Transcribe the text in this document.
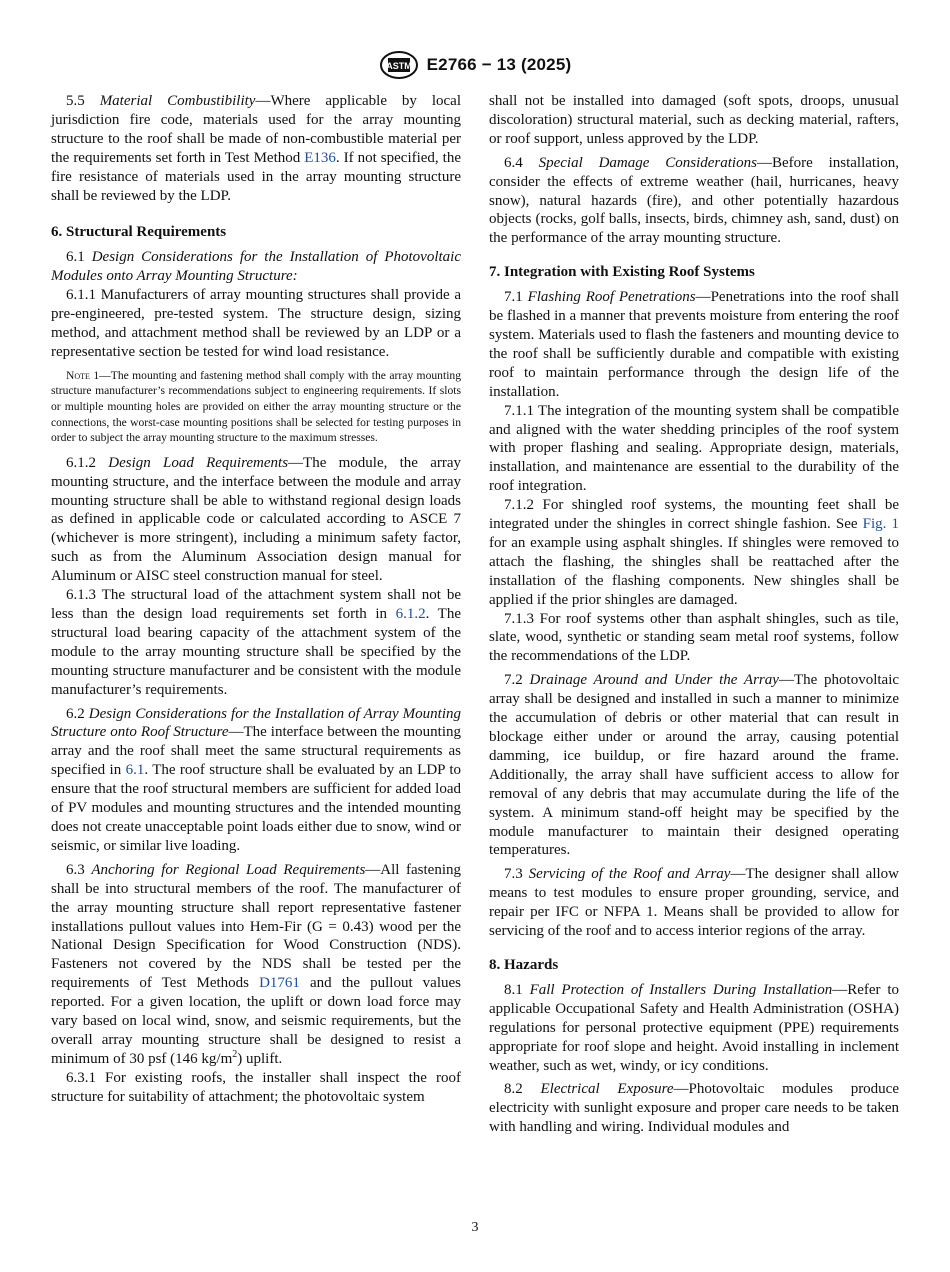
ASTM E2766 − 13 (2025)

5.5 Material Combustibility—Where applicable by local jurisdiction fire code, materials used for the array mounting structure to the roof shall be made of non-combustible material per the requirements set forth in Test Method E136. If not specified, the fire resistance of materials used in the array mounting structure shall be reviewed by the LDP.

6. Structural Requirements

6.1 Design Considerations for the Installation of Photovoltaic Modules onto Array Mounting Structure:

6.1.1 Manufacturers of array mounting structures shall provide a pre-engineered, pre-tested system. The structure design, sizing method, and attachment method shall be reviewed by an LDP or a representative section be tested for wind load resistance.

Note 1—The mounting and fastening method shall comply with the array mounting structure manufacturer’s recommendations subject to engineering requirements. If slots or multiple mounting holes are provided on either the array mounting structure or the connections, the worst-case mounting positions shall be selected for testing purposes in order to subject the array mounting structure to the maximum stresses.

6.1.2 Design Load Requirements—The module, the array mounting structure, and the interface between the module and array mounting structure shall be able to withstand regional design loads as defined in applicable code or calculated according to ASCE 7 (whichever is more stringent), including a minimum safety factor, such as from the Aluminum Association design manual for Aluminum or AISC steel construction manual for steel.

6.1.3 The structural load of the attachment system shall not be less than the design load requirements set forth in 6.1.2. The structural load bearing capacity of the attachment system of the module to the array mounting structure shall be specified by the mounting structure manufacturer and be consistent with the module manufacturer’s requirements.

6.2 Design Considerations for the Installation of Array Mounting Structure onto Roof Structure—The interface between the mounting array and the roof shall meet the same structural requirements as specified in 6.1. The roof structure shall be evaluated by an LDP to ensure that the roof structural members are sufficient for added load of PV modules and mounting structures and the intended mounting does not create unacceptable point loads either due to snow, wind or seismic, or similar live loading.

6.3 Anchoring for Regional Load Requirements—All fastening shall be into structural members of the roof. The manufacturer of the array mounting structure shall report representative fastener installations pullout values into Hem-Fir (G = 0.43) wood per the National Design Specification for Wood Construction (NDS). Fasteners not covered by the NDS shall be tested per the requirements of Test Methods D1761 and the pullout values reported. For a given location, the uplift or down load force may vary based on local wind, snow, and seismic requirements, but the overall array mounting structure shall be designed to resist a minimum of 30 psf (146 $kg/m^2$) uplift.

6.3.1 For existing roofs, the installer shall inspect the roof structure for suitability of attachment; the photovoltaic system

shall not be installed into damaged (soft spots, droops, unusual discoloration) structural material, such as decking material, rafters, or roof support, unless approved by the LDP.

6.4 Special Damage Considerations—Before installation, consider the effects of extreme weather (hail, hurricanes, heavy snow), natural hazards (fire), and other potentially hazardous objects (rocks, golf balls, insects, birds, chimney ash, sand, dust) on the performance of the array mounting structure.

7. Integration with Existing Roof Systems

7.1 Flashing Roof Penetrations—Penetrations into the roof shall be flashed in a manner that prevents moisture from entering the roof system. Materials used to flash the fasteners and mounting device to the roof shall be sufficiently durable and compatible with existing roof to maintain performance through the design life of the installation.

7.1.1 The integration of the mounting system shall be compatible and aligned with the water shedding principles of the roof system with proper flashing and sealing. Appropriate design, materials, installation, and maintenance are essential to the durability of the roof integration.

7.1.2 For shingled roof systems, the mounting feet shall be integrated under the shingles in correct shingle fashion. See Fig. 1 for an example using asphalt shingles. If shingles were removed to attach the flashing, the shingles shall be reattached after the installation of the flashing components. New shingles shall be applied if the prior shingles are damaged.

7.1.3 For roof systems other than asphalt shingles, such as tile, slate, wood, synthetic or standing seam metal roof systems, follow the recommendations of the LDP.

7.2 Drainage Around and Under the Array—The photovoltaic array shall be designed and installed in such a manner to minimize the accumulation of debris or other material that can result in blockage either under or around the array, causing potential damming, ice buildup, or fire hazard around the frame. Additionally, the array shall have sufficient access to allow for removal of any debris that may accumulate during the life of the system. A minimum stand-off height may be specified by the module manufacturer to maintain their designed operating temperatures.

7.3 Servicing of the Roof and Array—The designer shall allow means to test modules to ensure proper grounding, service, and repair per IFC or NFPA 1. Means shall be provided to allow for servicing of the roof and to access interior regions of the array.

8. Hazards

8.1 Fall Protection of Installers During Installation—Refer to applicable Occupational Safety and Health Administration (OSHA) regulations for personal protective equipment (PPE) requirements appropriate for roof slope and height. Avoid installing in inclement weather, such as wet, windy, or icy conditions.

8.2 Electrical Exposure—Photovoltaic modules produce electricity with sunlight exposure and proper care needs to be taken with handling and wiring. Individual modules and

3
